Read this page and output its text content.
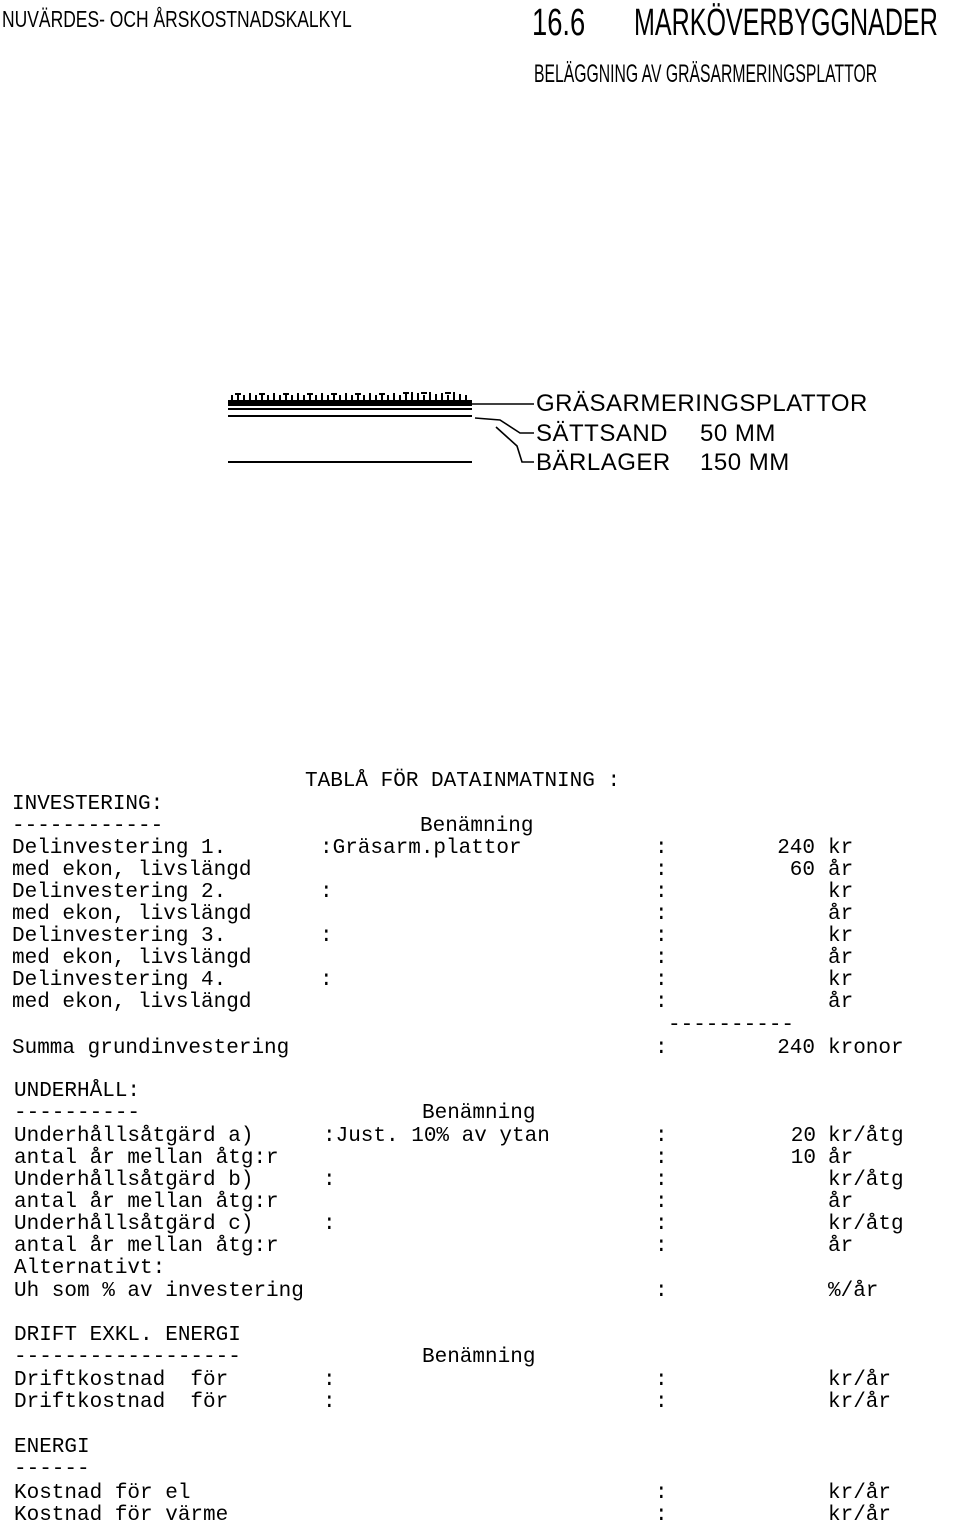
NUVÄRDES- OCH ÅRSKOSTNADSKALKYL	16.6 MARKÖVERBYGGNADER
BELÄGGNING AV GRÄSARMERINGSPLATTOR
GRÄSARMERINGSPLATTOR
SÄTTSAND 50 MM
BÄRLAGER 150 MM
TABLÅ FÖR DATAINMATNING :
INVESTERING:
------------	Benämning
Delinvestering 1.	:Gräsarm.plattor	:	240 kr
med ekon, livslängd	:	60 år
Delinvestering 2.	:	:	kr
med ekon, livslängd	:	år
Delinvestering 3.	:	:	kr
med ekon, livslängd	:	år
Delinvestering 4.	:	:	kr
med ekon, livslängd	:	år
----------
Summa grundinvestering	:	240 kronor
UNDERHÅLL:
----------	Benämning
Underhållsåtgärd a)	:Just. 10% av ytan	:	20 kr/åtg
antal år mellan åtg:r	:	10 år
Underhållsåtgärd b)	:	:	kr/åtg
antal år mellan åtg:r	:	år
Underhållsåtgärd c)	:	:	kr/åtg
antal år mellan åtg:r	:	år
Alternativt:
Uh som % av investering	:	%/år
DRIFT EXKL. ENERGI
------------------	Benämning
Driftkostnad  för	:	:	kr/år
Driftkostnad  för	:	:	kr/år
ENERGI
------
Kostnad för el	:	kr/år
Kostnad för värme	:	kr/år
